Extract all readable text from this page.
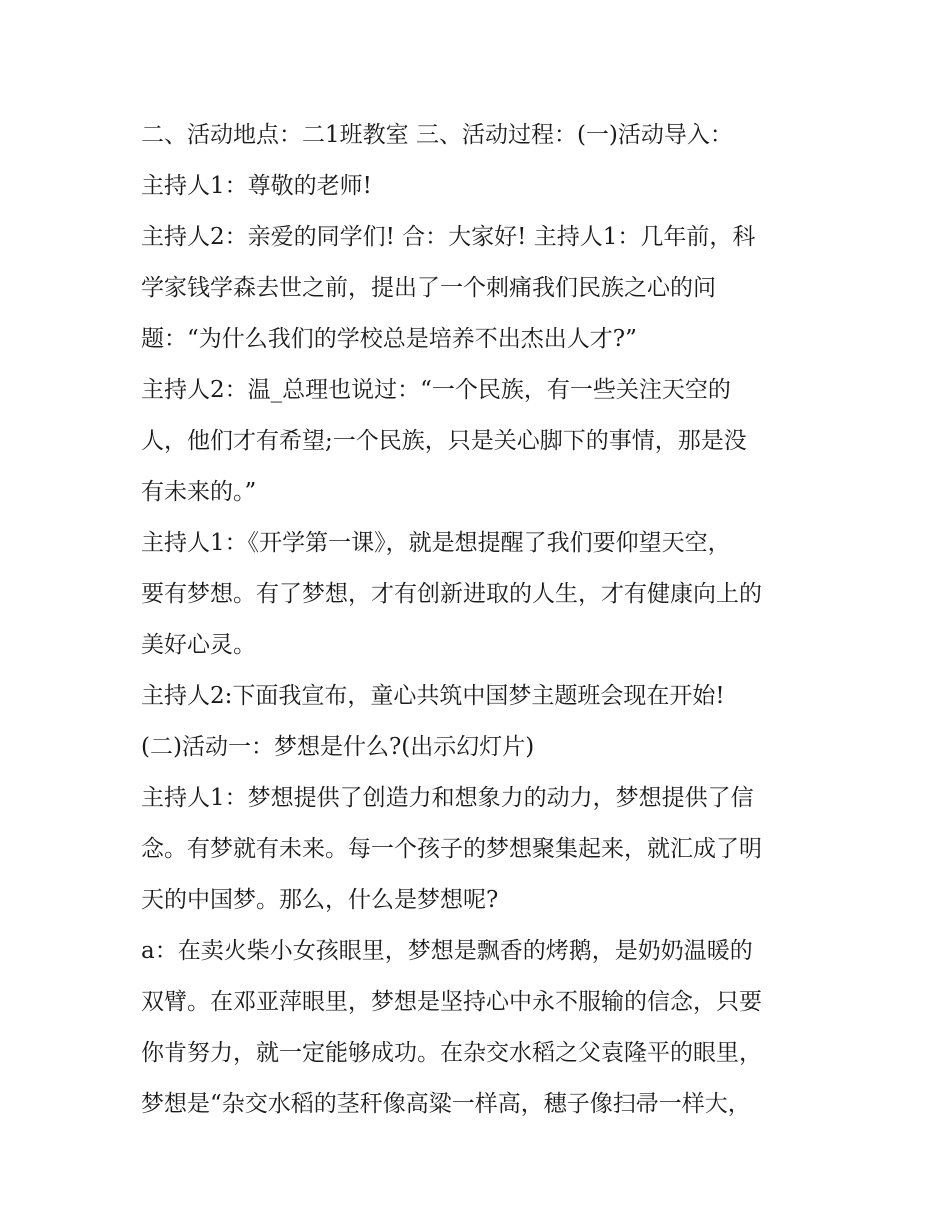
二、活动地点：二1班教室 三、活动过程：(一)活动导入：
主持人1：尊敬的老师!
主持人2：亲爱的同学们! 合：大家好! 主持人1：几年前，科
学家钱学森去世之前，提出了一个刺痛我们民族之心的问
题：“为什么我们的学校总是培养不出杰出人才?”
主持人2：温_总理也说过：“一个民族，有一些关注天空的
人，他们才有希望;一个民族，只是关心脚下的事情，那是没
有未来的。”
主持人1：《开学第一课》，就是想提醒了我们要仰望天空，
要有梦想。有了梦想，才有创新进取的人生，才有健康向上的
美好心灵。
主持人2:下面我宣布，童心共筑中国梦主题班会现在开始!
(二)活动一：梦想是什么?(出示幻灯片)
主持人1：梦想提供了创造力和想象力的动力，梦想提供了信
念。有梦就有未来。每一个孩子的梦想聚集起来，就汇成了明
天的中国梦。那么，什么是梦想呢?
a：在卖火柴小女孩眼里，梦想是飘香的烤鹅，是奶奶温暖的
双臂。在邓亚萍眼里，梦想是坚持心中永不服输的信念，只要
你肯努力，就一定能够成功。在杂交水稻之父袁隆平的眼里，
梦想是“杂交水稻的茎秆像高粱一样高，穗子像扫帚一样大，
